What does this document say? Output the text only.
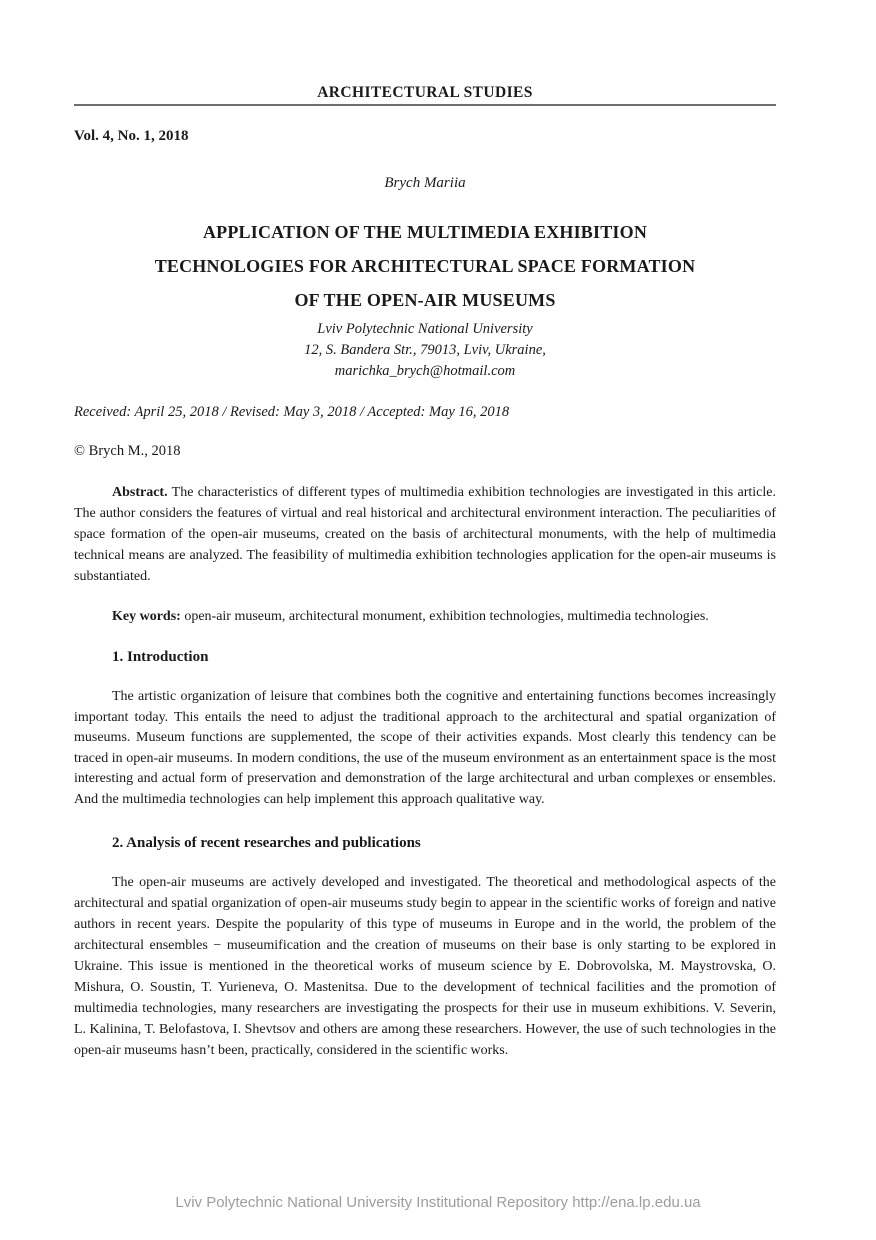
ARCHITECTURAL STUDIES
Vol. 4, No. 1, 2018
Brych Mariia
APPLICATION OF THE MULTIMEDIA EXHIBITION
TECHNOLOGIES FOR ARCHITECTURAL SPACE FORMATION
OF THE OPEN-AIR MUSEUMS
Lviv Polytechnic National University
12, S. Bandera Str., 79013, Lviv, Ukraine,
marichka_brych@hotmail.com
Received: April 25, 2018 / Revised: May 3, 2018 / Accepted: May 16, 2018
© Brych M., 2018

Abstract. The characteristics of different types of multimedia exhibition technologies are investigated in this article. The author considers the features of virtual and real historical and architectural environment interaction. The peculiarities of space formation of the open-air museums, created on the basis of architectural monuments, with the help of multimedia technical means are analyzed. The feasibility of multimedia exhibition technologies application for the open-air museums is substantiated.

Key words: open-air museum, architectural monument, exhibition technologies, multimedia technologies.

1. Introduction

The artistic organization of leisure that combines both the cognitive and entertaining functions becomes increasingly important today. This entails the need to adjust the traditional approach to the architectural and spatial organization of museums. Museum functions are supplemented, the scope of their activities expands. Most clearly this tendency can be traced in open-air museums. In modern conditions, the use of the museum environment as an entertainment space is the most interesting and actual form of preservation and demonstration of the large architectural and urban complexes or ensembles. And the multimedia technologies can help implement this approach qualitative way.

2. Analysis of recent researches and publications

The open-air museums are actively developed and investigated. The theoretical and methodological aspects of the architectural and spatial organization of open-air museums study begin to appear in the scientific works of foreign and native authors in recent years. Despite the popularity of this type of museums in Europe and in the world, the problem of the architectural ensembles − museumification and the creation of museums on their base is only starting to be explored in Ukraine. This issue is mentioned in the theoretical works of museum science by E. Dobrovolska, M. Maystrovska, O. Mishura, O. Soustin, T. Yurieneva, O. Mastenitsa. Due to the development of technical facilities and the promotion of multimedia technologies, many researchers are investigating the prospects for their use in museum exhibitions. V. Severin, L. Kalinina, T. Belofastova, I. Shevtsov and others are among these researchers. However, the use of such technologies in the open-air museums hasn’t been, practically, considered in the scientific works.

Lviv Polytechnic National University Institutional Repository http://ena.lp.edu.ua
